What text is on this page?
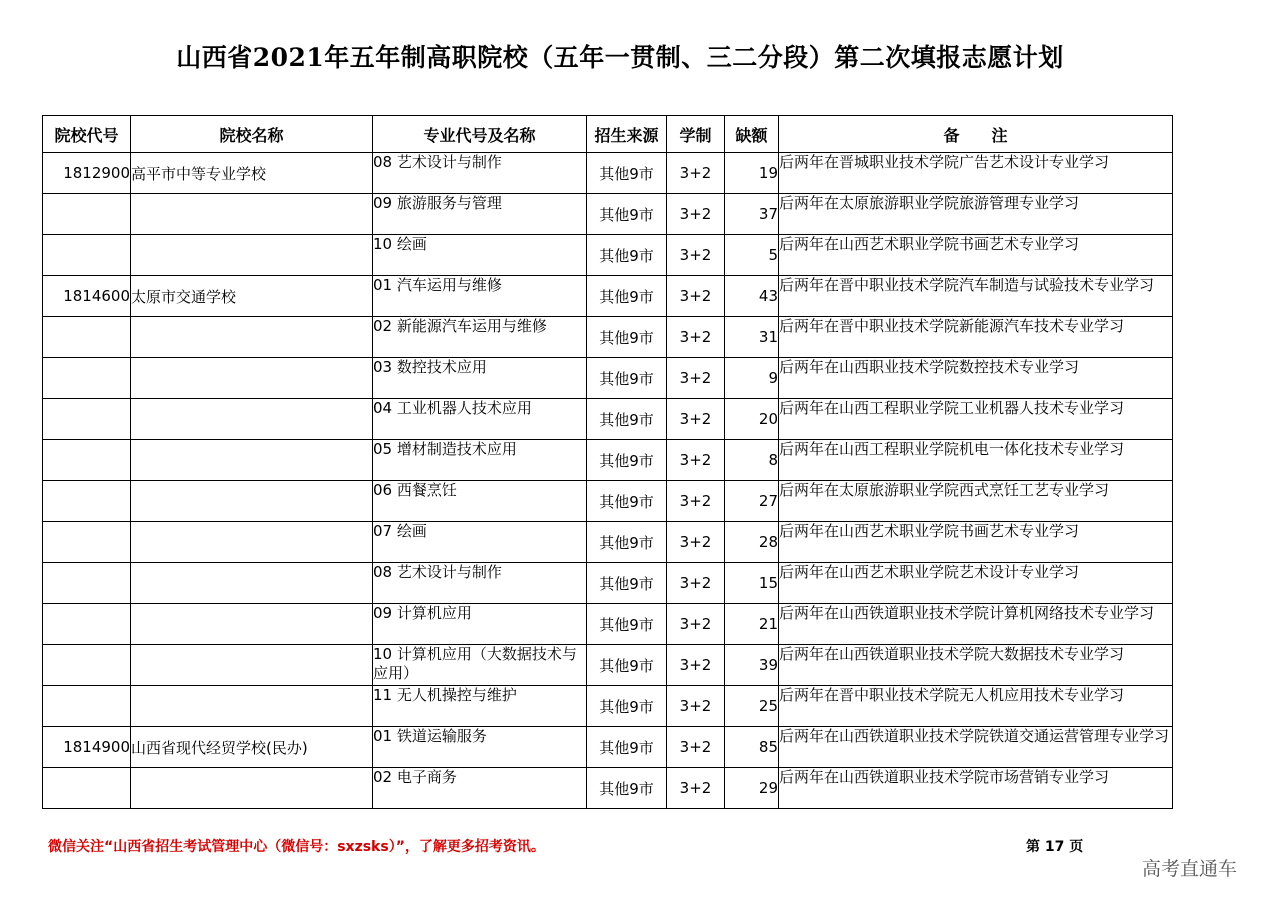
山西省2021年五年制高职院校（五年一贯制、三二分段）第二次填报志愿计划
院校代号	院校名称	专业代号及名称	招生来源	学制	缺额	备　　注
1812900	高平市中等专业学校	08 艺术设计与制作	其他9市	3+2	19	后两年在晋城职业技术学院广告艺术设计专业学习
		09 旅游服务与管理	其他9市	3+2	37	后两年在太原旅游职业学院旅游管理专业学习
		10 绘画	其他9市	3+2	5	后两年在山西艺术职业学院书画艺术专业学习
1814600	太原市交通学校	01 汽车运用与维修	其他9市	3+2	43	后两年在晋中职业技术学院汽车制造与试验技术专业学习
		02 新能源汽车运用与维修	其他9市	3+2	31	后两年在晋中职业技术学院新能源汽车技术专业学习
		03 数控技术应用	其他9市	3+2	9	后两年在山西职业技术学院数控技术专业学习
		04 工业机器人技术应用	其他9市	3+2	20	后两年在山西工程职业学院工业机器人技术专业学习
		05 增材制造技术应用	其他9市	3+2	8	后两年在山西工程职业学院机电一体化技术专业学习
		06 西餐烹饪	其他9市	3+2	27	后两年在太原旅游职业学院西式烹饪工艺专业学习
		07 绘画	其他9市	3+2	28	后两年在山西艺术职业学院书画艺术专业学习
		08 艺术设计与制作	其他9市	3+2	15	后两年在山西艺术职业学院艺术设计专业学习
		09 计算机应用	其他9市	3+2	21	后两年在山西铁道职业技术学院计算机网络技术专业学习
		10 计算机应用（大数据技术与应用）	其他9市	3+2	39	后两年在山西铁道职业技术学院大数据技术专业学习
		11 无人机操控与维护	其他9市	3+2	25	后两年在晋中职业技术学院无人机应用技术专业学习
1814900	山西省现代经贸学校(民办)	01 铁道运输服务	其他9市	3+2	85	后两年在山西铁道职业技术学院铁道交通运营管理专业学习
		02 电子商务	其他9市	3+2	29	后两年在山西铁道职业技术学院市场营销专业学习
微信关注“山西省招生考试管理中心（微信号：sxzsks）”，了解更多招考资讯。	第 17 页
高考直通车
